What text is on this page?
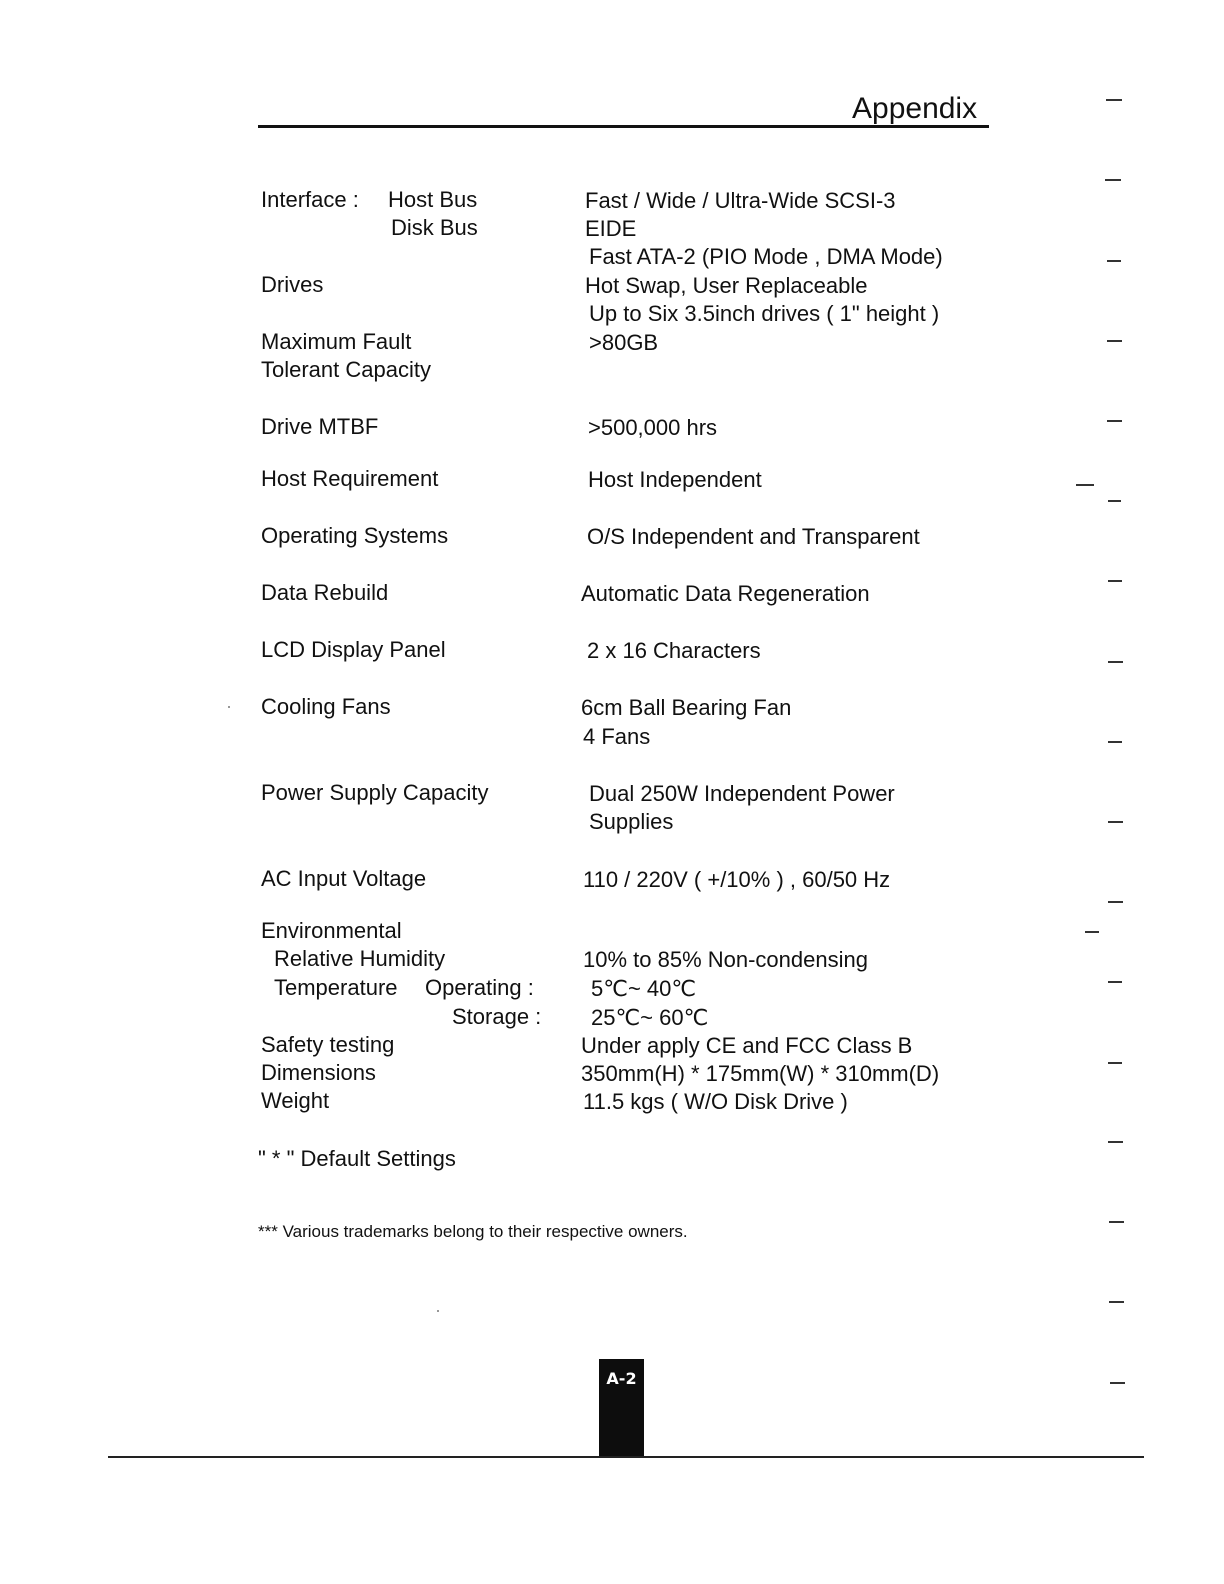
Appendix
Interface : Host Bus
Disk Bus
Drives
Maximum Fault
Tolerant Capacity
Drive MTBF
Host Requirement
Operating Systems
Data Rebuild
LCD Display Panel
Cooling Fans
Power Supply Capacity
AC Input Voltage
Environmental
Relative Humidity
Temperature Operating :
Storage :
Safety testing
Dimensions
Weight
Fast / Wide / Ultra-Wide SCSI-3
EIDE
Fast ATA-2 (PIO Mode , DMA Mode)
Hot Swap, User Replaceable
Up to Six 3.5inch drives ( 1" height )
>80GB
>500,000 hrs
Host Independent
O/S Independent and Transparent
Automatic Data Regeneration
2 x 16 Characters
6cm Ball Bearing Fan
4 Fans
Dual 250W Independent Power
Supplies
110 / 220V ( +/10% ) , 60/50 Hz
10% to 85% Non-condensing
5℃~ 40℃
25℃~ 60℃
Under apply CE and FCC Class B
350mm(H) * 175mm(W) * 310mm(D)
11.5 kgs ( W/O Disk Drive )
" * " Default Settings
*** Various trademarks belong to their respective owners.
A-2
